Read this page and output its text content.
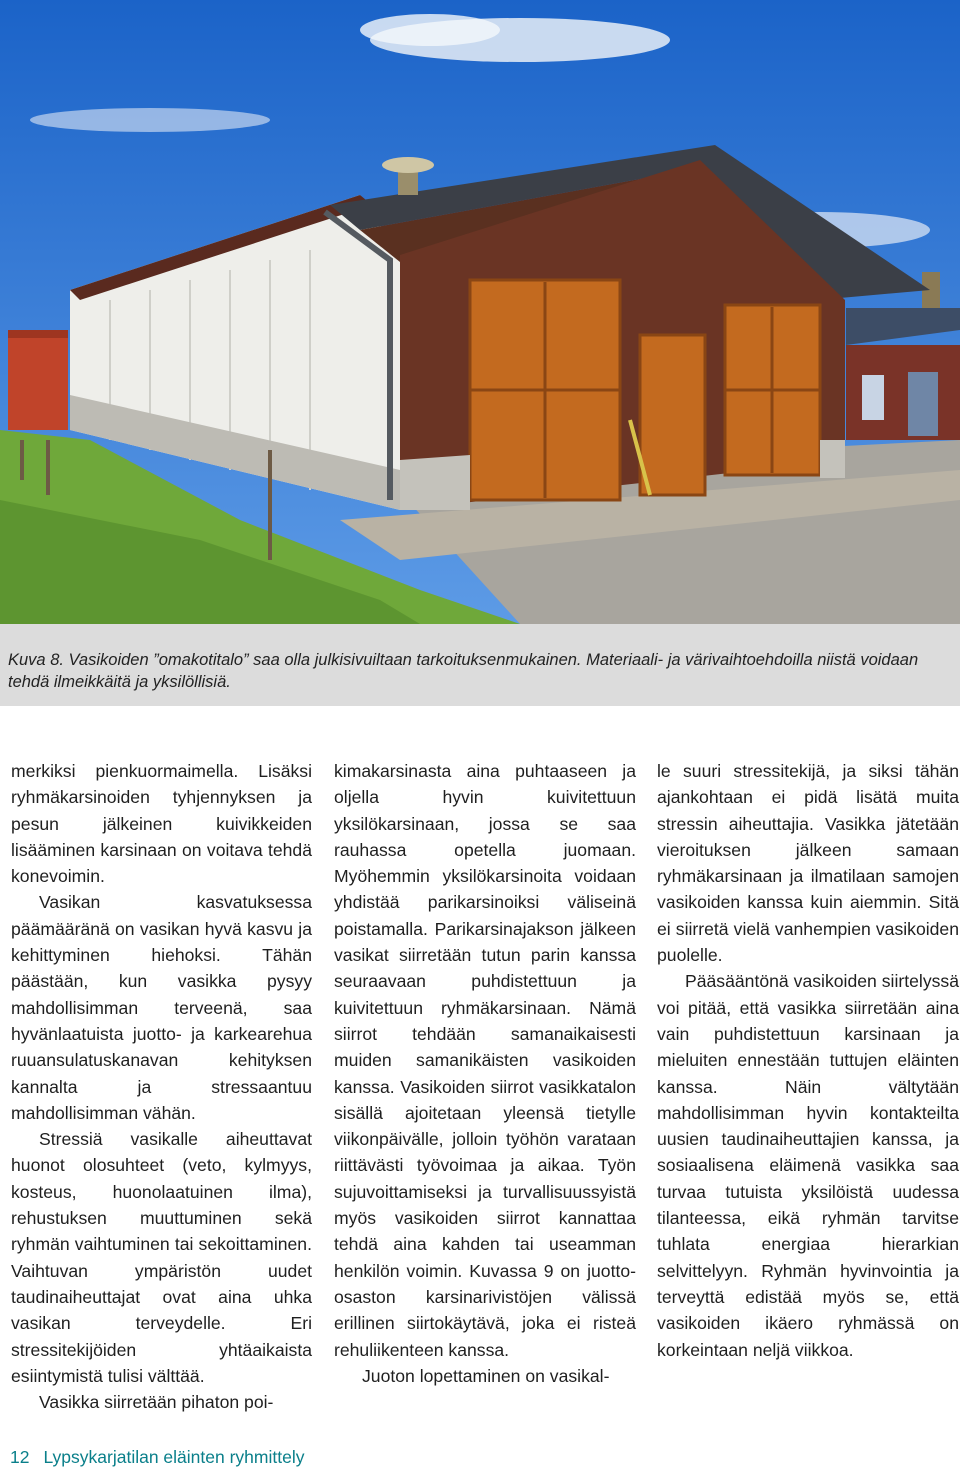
Kuva 8. Vasikoiden ”omakotitalo” saa olla julkisivuiltaan tarkoituksenmukainen. Materiaali- ja värivaihtoehdoilla niistä voidaan tehdä ilmeikkäitä ja yksilöllisiä.

merkiksi pienkuormaimella. Lisäksi ryhmäkarsinoiden tyhjennyksen ja pesun jälkeinen kuivikkeiden lisääminen karsinaan on voitava tehdä konevoimin.

Vasikan kasvatuksessa päämääränä on vasikan hyvä kasvu ja kehittyminen hiehoksi. Tähän päästään, kun vasikka pysyy mahdollisimman terveenä, saa hyvänlaatuista juotto- ja karkearehua ruuansulatuskanavan kehityksen kannalta ja stressaantuu mahdollisimman vähän.

Stressiä vasikalle aiheuttavat huonot olosuhteet (veto, kylmyys, kosteus, huonolaatuinen ilma), rehustuksen muuttuminen sekä ryhmän vaihtuminen tai sekoittaminen. Vaihtuvan ympäristön uudet taudinaiheuttajat ovat aina uhka vasikan terveydelle. Eri stressitekijöiden yhtäaikaista esiintymistä tulisi välttää.

Vasikka siirretään pihaton poi-

kimakarsinasta aina puhtaaseen ja oljella hyvin kuivitettuun yksilökarsinaan, jossa se saa rauhassa opetella juomaan. Myöhemmin yksilökarsinoita voidaan yhdistää parikarsinoiksi väliseinä poistamalla. Parikarsinajakson jälkeen vasikat siirretään tutun parin kanssa seuraavaan puhdistettuun ja kuivitettuun ryhmäkarsinaan. Nämä siirrot tehdään samanaikaisesti muiden samanikäisten vasikoiden kanssa. Vasikoiden siirrot vasikkatalon sisällä ajoitetaan yleensä tietylle viikonpäivälle, jolloin työhön varataan riittävästi työvoimaa ja aikaa. Työn sujuvoittamiseksi ja turvallisuussyistä myös vasikoiden siirrot kannattaa tehdä aina kahden tai useamman henkilön voimin. Kuvassa 9 on juotto-osaston karsinarivistöjen välissä erillinen siirtokäytävä, joka ei risteä rehuliikenteen kanssa.

Juoton lopettaminen on vasikal-

le suuri stressitekijä, ja siksi tähän ajankohtaan ei pidä lisätä muita stressin aiheuttajia. Vasikka jätetään vieroituksen jälkeen samaan ryhmäkarsinaan ja ilmatilaan samojen vasikoiden kanssa kuin aiemmin. Sitä ei siirretä vielä vanhempien vasikoiden puolelle.

Pääsääntönä vasikoiden siirtelyssä voi pitää, että vasikka siirretään aina vain puhdistettuun karsinaan ja mieluiten ennestään tuttujen eläinten kanssa. Näin vältytään mahdollisimman hyvin kontakteilta uusien taudinaiheuttajien kanssa, ja sosiaalisena eläimenä vasikka saa turvaa tutuista yksilöistä uudessa tilanteessa, eikä ryhmän tarvitse tuhlata energiaa hierarkian selvittelyyn. Ryhmän hyvinvointia ja terveyttä edistää myös se, että vasikoiden ikäero ryhmässä on korkeintaan neljä viikkoa.

12 Lypsykarjatilan eläinten ryhmittely
